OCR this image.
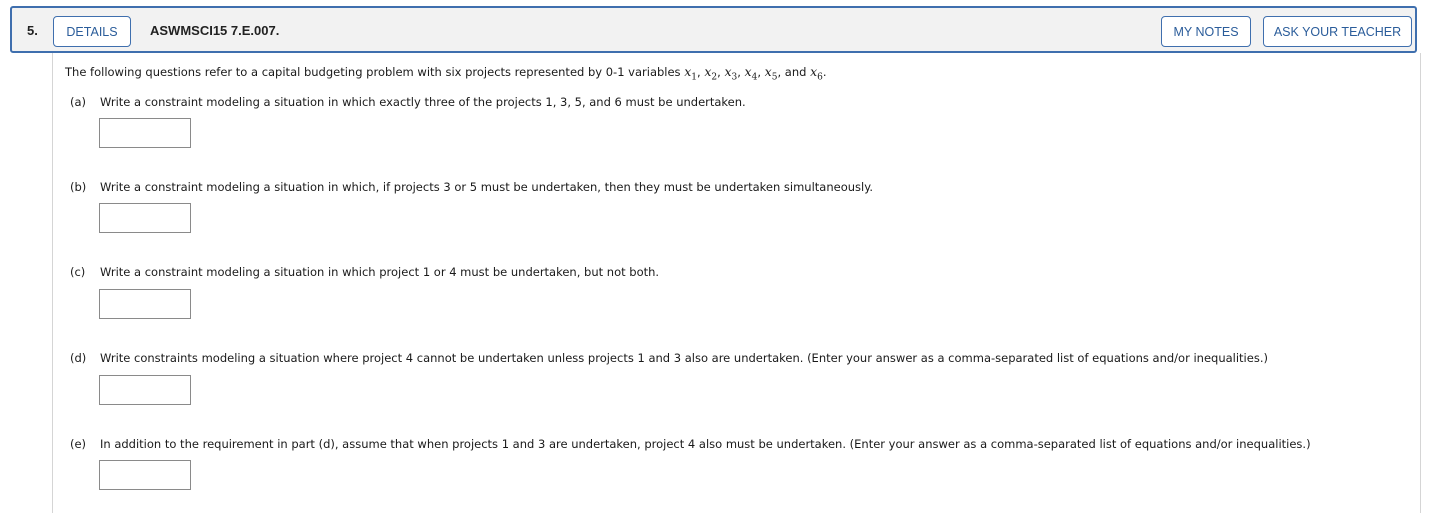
5.	DETAILS	ASWMSCI15 7.E.007.	MY NOTES	ASK YOUR TEACHER
The following questions refer to a capital budgeting problem with six projects represented by 0-1 variables $x_1$, $x_2$, $x_3$, $x_4$, $x_5$, and $x_6$.
(a) Write a constraint modeling a situation in which exactly three of the projects 1, 3, 5, and 6 must be undertaken.
(b) Write a constraint modeling a situation in which, if projects 3 or 5 must be undertaken, then they must be undertaken simultaneously.
(c) Write a constraint modeling a situation in which project 1 or 4 must be undertaken, but not both.
(d) Write constraints modeling a situation where project 4 cannot be undertaken unless projects 1 and 3 also are undertaken. (Enter your answer as a comma-separated list of equations and/or inequalities.)
(e) In addition to the requirement in part (d), assume that when projects 1 and 3 are undertaken, project 4 also must be undertaken. (Enter your answer as a comma-separated list of equations and/or inequalities.)
